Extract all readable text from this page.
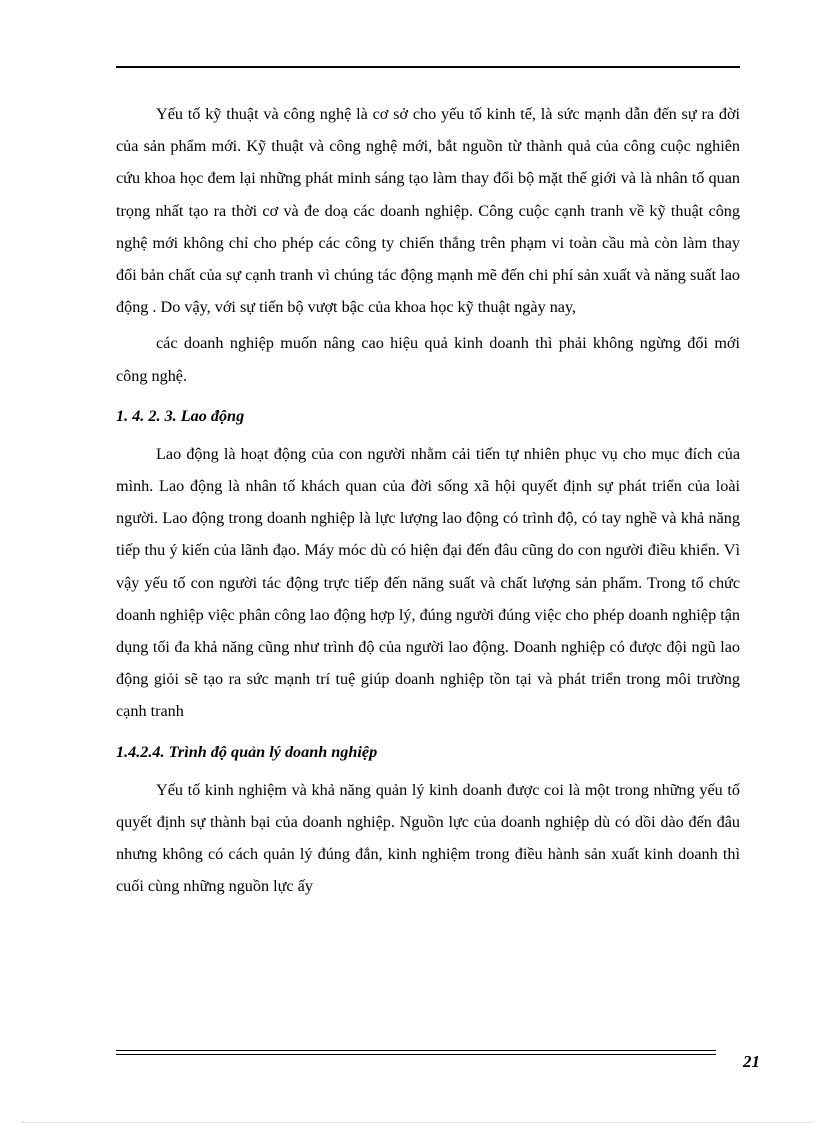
Yếu tố kỹ thuật và công nghệ là cơ sở cho yếu tố kinh tế, là sức mạnh dẫn đến sự ra đời của sản phẩm mới. Kỹ thuật và công nghệ mới, bắt nguồn từ thành quả của công cuộc nghiên cứu khoa học đem lại những phát minh sáng tạo làm thay đổi bộ mặt thế giới và là nhân tố quan trọng nhất tạo ra thời cơ và đe doạ các doanh nghiệp. Công cuộc cạnh tranh về kỹ thuật công nghệ mới không chỉ cho phép các công ty chiến thắng trên phạm vi toàn cầu mà còn làm thay đổi bản chất của sự cạnh tranh vì chúng tác động mạnh mẽ đến chi phí sản xuất và năng suất lao động . Do vậy, với sự tiến bộ vượt bậc của khoa học kỹ thuật ngày nay,

các doanh nghiệp muốn nâng cao hiệu quả kinh doanh thì phải không ngừng đổi mới công nghệ.

1. 4. 2. 3. Lao động

Lao động là hoạt động của con người nhằm cải tiến tự nhiên phục vụ cho mục đích của mình. Lao động là nhân tố khách quan của đời sống xã hội quyết định sự phát triển của loài người. Lao động trong doanh nghiệp là lực lượng lao động có trình độ, có tay nghề và khả năng tiếp thu ý kiến của lãnh đạo. Máy móc dù có hiện đại đến đâu cũng do con người điều khiển. Vì vậy yếu tố con người tác động trực tiếp đến năng suất và chất lượng sản phẩm. Trong tổ chức doanh nghiệp việc phân công lao động hợp lý, đúng người đúng việc cho phép doanh nghiệp tận dụng tối đa khả năng cũng như trình độ của người lao động. Doanh nghiệp có được đội ngũ lao động giỏi sẽ tạo ra sức mạnh trí tuệ giúp doanh nghiệp tồn tại và phát triển trong môi trường cạnh tranh

1.4.2.4. Trình độ quản lý doanh nghiệp

Yếu tố kinh nghiệm và khả năng quản lý kinh doanh được coi là một trong những yếu tố quyết định sự thành bại của doanh nghiệp. Nguồn lực của doanh nghiệp dù có dồi dào đến đâu nhưng không có cách quản lý đúng đắn, kinh nghiệm trong điều hành sản xuất kinh doanh thì cuối cùng những nguồn lực ấy

21
